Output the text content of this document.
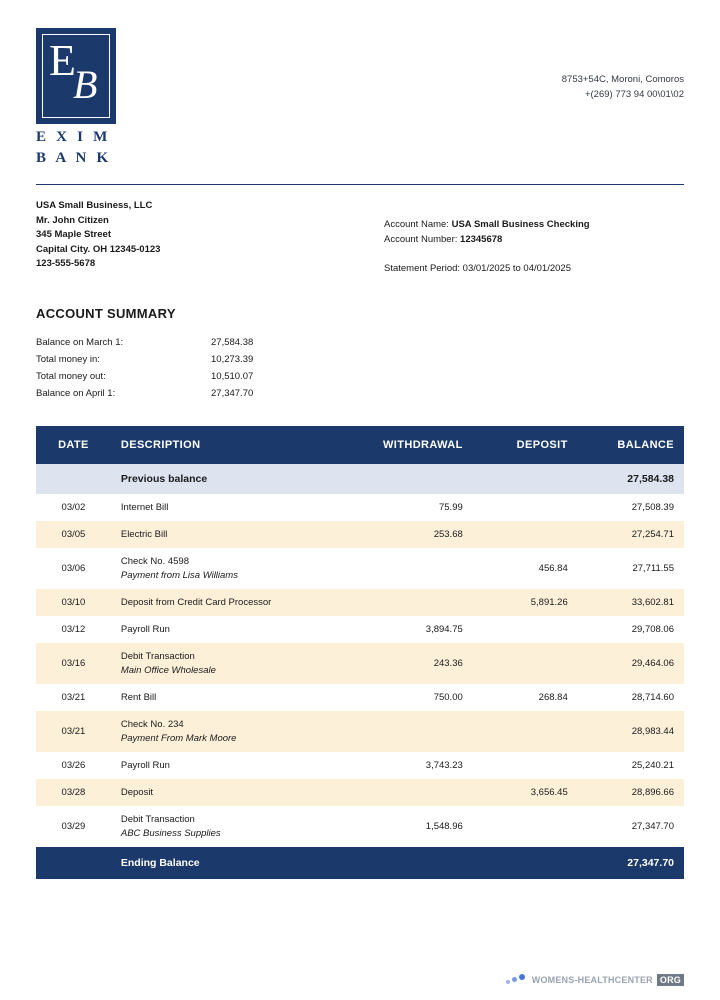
E
B
E X I M
B A N K
8753+54C, Moroni, Comoros
+(269) 773 94 00\01\02
USA Small Business, LLC
Mr. John Citizen
345 Maple Street
Capital City. OH 12345-0123
123-555-5678
Account Name: USA Small Business Checking
Account Number: 12345678
Statement Period: 03/01/2025 to 04/01/2025
ACCOUNT SUMMARY
Balance on March 1:	27,584.38
Total money in:	10,273.39
Total money out:	10,510.07
Balance on April 1:	27,347.70
DATE	DESCRIPTION	WITHDRAWAL	DEPOSIT	BALANCE
	Previous balance			27,584.38
03/02	Internet Bill	75.99		27,508.39
03/05	Electric Bill	253.68		27,254.71
03/06	Check No. 4598
Payment from Lisa Williams		456.84	27,711.55
03/10	Deposit from Credit Card Processor		5,891.26	33,602.81
03/12	Payroll Run	3,894.75		29,708.06
03/16	Debit Transaction
Main Office Wholesale	243.36		29,464.06
03/21	Rent Bill	750.00	268.84	28,714.60
03/21	Check No. 234
Payment From Mark Moore			28,983.44
03/26	Payroll Run	3,743.23		25,240.21
03/28	Deposit		3,656.45	28,896.66
03/29	Debit Transaction
ABC Business Supplies	1,548.96		27,347.70
	Ending Balance			27,347.70
WOMENS-HEALTHCENTER ORG
